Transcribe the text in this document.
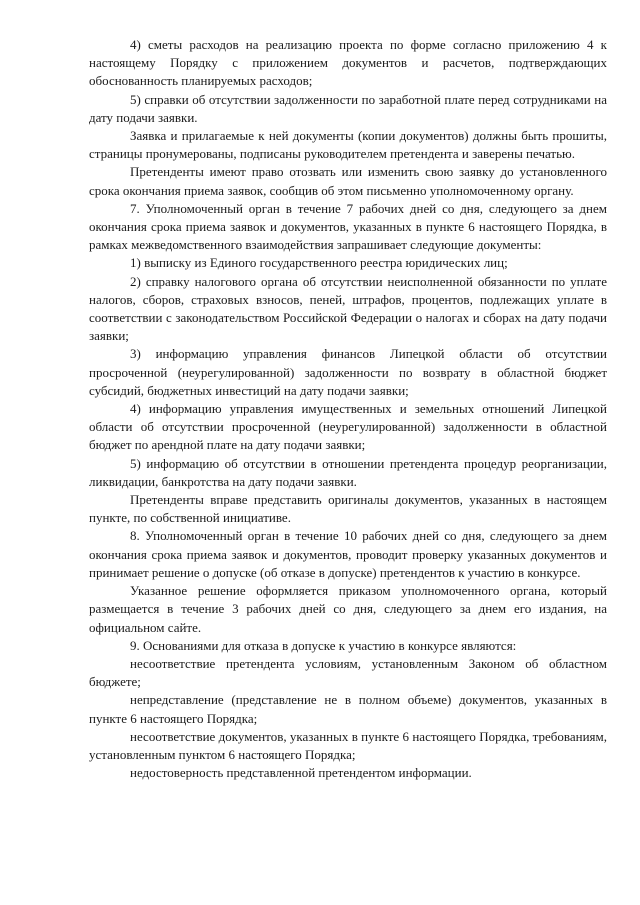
4) сметы расходов на реализацию проекта по форме согласно приложению 4 к настоящему Порядку с приложением документов и расчетов, подтверждающих обоснованность планируемых расходов;

5) справки об отсутствии задолженности по заработной плате перед сотрудниками на дату подачи заявки.

Заявка и прилагаемые к ней документы (копии документов) должны быть прошиты, страницы пронумерованы, подписаны руководителем претендента и заверены печатью.

Претенденты имеют право отозвать или изменить свою заявку до установленного срока окончания приема заявок, сообщив об этом письменно уполномоченному органу.

7. Уполномоченный орган в течение 7 рабочих дней со дня, следующего за днем окончания срока приема заявок и документов, указанных в пункте 6 настоящего Порядка, в рамках межведомственного взаимодействия запрашивает следующие документы:

1) выписку из Единого государственного реестра юридических лиц;

2) справку налогового органа об отсутствии неисполненной обязанности по уплате налогов, сборов, страховых взносов, пеней, штрафов, процентов, подлежащих уплате в соответствии с законодательством Российской Федерации о налогах и сборах на дату подачи заявки;

3) информацию управления финансов Липецкой области об отсутствии просроченной (неурегулированной) задолженности по возврату в областной бюджет субсидий, бюджетных инвестиций на дату подачи заявки;

4) информацию управления имущественных и земельных отношений Липецкой области об отсутствии просроченной (неурегулированной) задолженности в областной бюджет по арендной плате на дату подачи заявки;

5) информацию об отсутствии в отношении претендента процедур реорганизации, ликвидации, банкротства на дату подачи заявки.

Претенденты вправе представить оригиналы документов, указанных в настоящем пункте, по собственной инициативе.

8. Уполномоченный орган в течение 10 рабочих дней со дня, следующего за днем окончания срока приема заявок и документов, проводит проверку указанных документов и принимает решение о допуске (об отказе в допуске) претендентов к участию в конкурсе.

Указанное решение оформляется приказом уполномоченного органа, который размещается в течение 3 рабочих дней со дня, следующего за днем его издания, на официальном сайте.

9. Основаниями для отказа в допуске к участию в конкурсе являются:

несоответствие претендента условиям, установленным Законом об областном бюджете;

непредставление (представление не в полном объеме) документов, указанных в пункте 6 настоящего Порядка;

несоответствие документов, указанных в пункте 6 настоящего Порядка, требованиям, установленным пунктом 6 настоящего Порядка;

недостоверность представленной претендентом информации.
